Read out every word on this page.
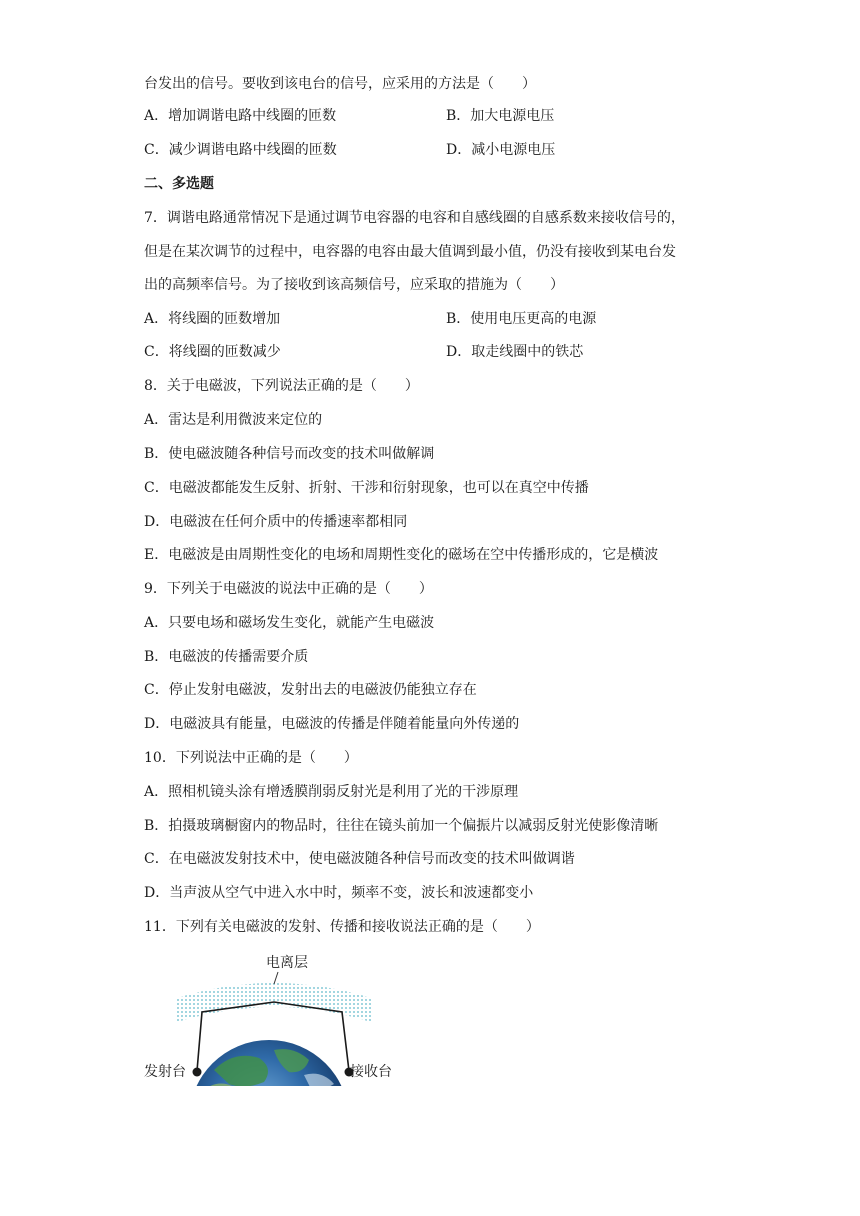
台发出的信号。要收到该电台的信号，应采用的方法是（　　）
A．增加调谐电路中线圈的匝数	B．加大电源电压
C．减少调谐电路中线圈的匝数	D．减小电源电压
二、多选题
7．调谐电路通常情况下是通过调节电容器的电容和自感线圈的自感系数来接收信号的，
但是在某次调节的过程中，电容器的电容由最大值调到最小值，仍没有接收到某电台发
出的高频率信号。为了接收到该高频信号，应采取的措施为（　　）
A．将线圈的匝数增加	B．使用电压更高的电源
C．将线圈的匝数减少	D．取走线圈中的铁芯
8．关于电磁波，下列说法正确的是（　　）
A．雷达是利用微波来定位的
B．使电磁波随各种信号而改变的技术叫做解调
C．电磁波都能发生反射、折射、干涉和衍射现象，也可以在真空中传播
D．电磁波在任何介质中的传播速率都相同
E．电磁波是由周期性变化的电场和周期性变化的磁场在空中传播形成的，它是横波
9．下列关于电磁波的说法中正确的是（　　）
A．只要电场和磁场发生变化，就能产生电磁波
B．电磁波的传播需要介质
C．停止发射电磁波，发射出去的电磁波仍能独立存在
D．电磁波具有能量，电磁波的传播是伴随着能量向外传递的
10．下列说法中正确的是（　　）
A．照相机镜头涂有增透膜削弱反射光是利用了光的干涉原理
B．拍摄玻璃橱窗内的物品时，往往在镜头前加一个偏振片以减弱反射光使影像清晰
C．在电磁波发射技术中，使电磁波随各种信号而改变的技术叫做调谐
D．当声波从空气中进入水中时，频率不变，波长和波速都变小
11．下列有关电磁波的发射、传播和接收说法正确的是（　　）
电离层
发射台	接收台
